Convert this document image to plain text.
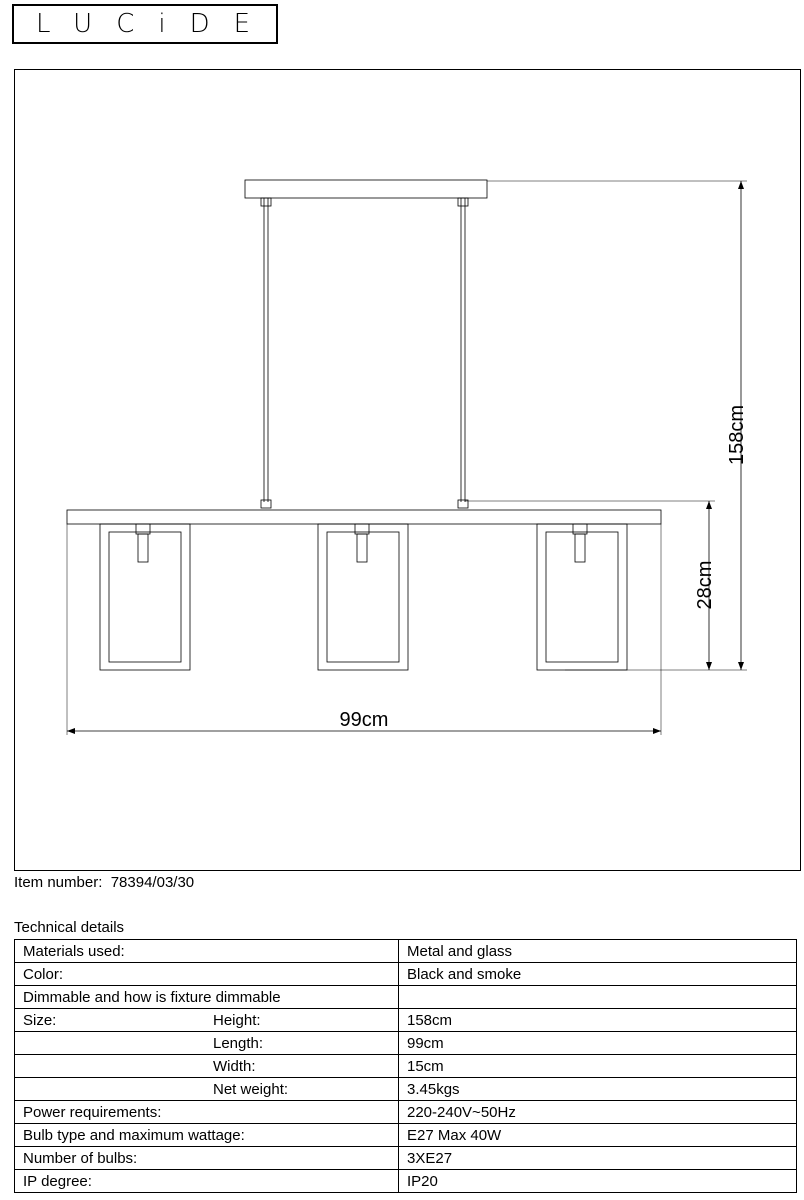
LUCiDE
158cm
28cm
99cm
Item number: 78394/03/30
Technical details
Materials used:	Metal and glass
Color:	Black and smoke
Dimmable and how is fixture dimmable	

Size: Height:	158cm

Length:	99cm

Width:	15cm

Net weight:	3.45kgs
Power requirements:	220-240V~50Hz
Bulb type and maximum wattage:	E27 Max 40W
Number of bulbs:	3XE27
IP degree:	IP20
